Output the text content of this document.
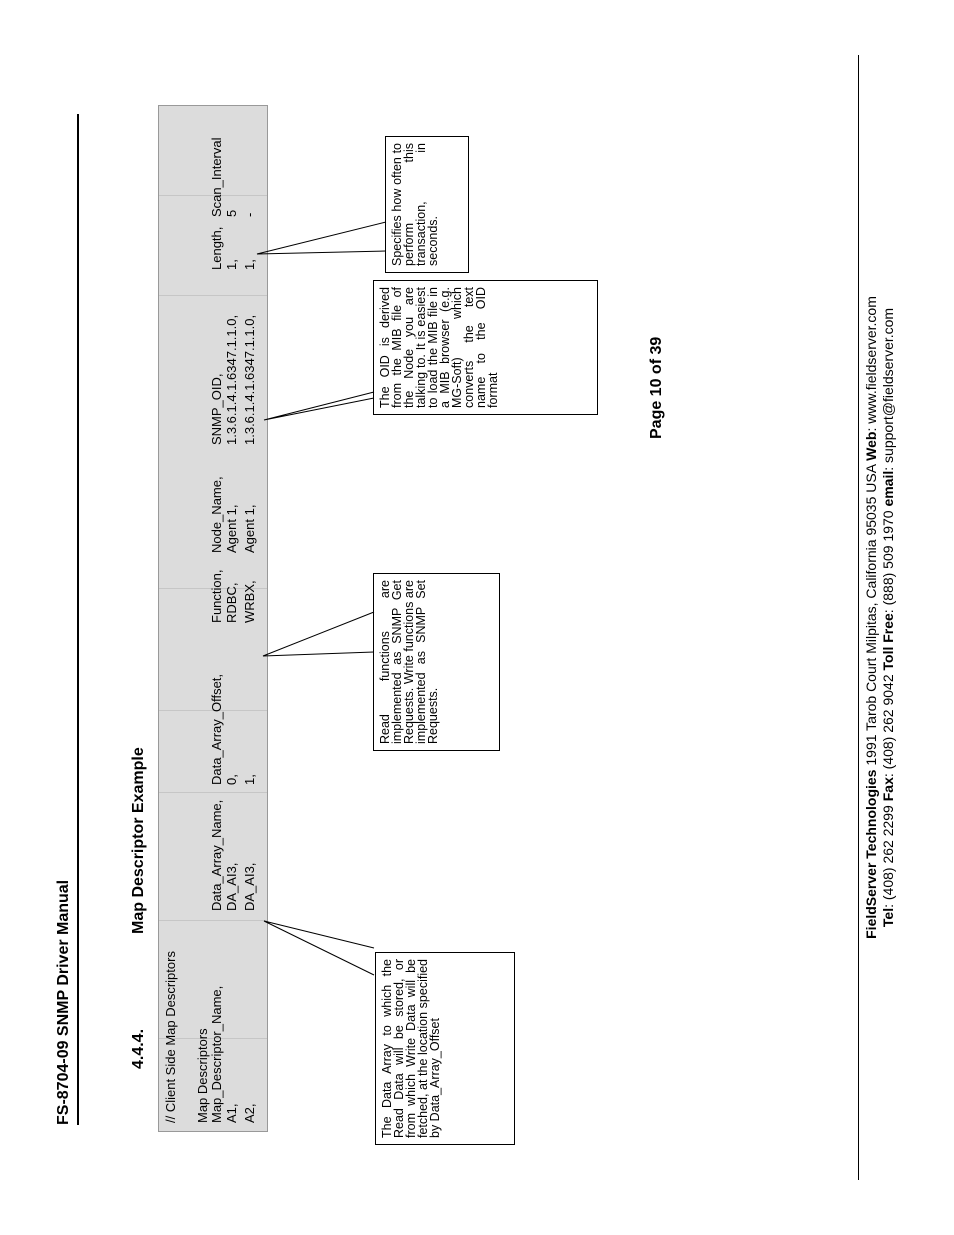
FS-8704-09 SNMP Driver Manual
Page 10 of 39
4.4.4.
Map Descriptor Example
// Client Side Map Descriptors Map Descriptors Map_Descriptor_Name,
Data_Array_Name,
Data_Array_Offset,
Function,
Node_Name,
SNMP_OID,
Length,
Scan_Interval
A1,
DA_AI3,
0,
RDBC,
Agent 1,
1.3.6.1.4.1.6347.1.1.0,
1,
5
A2,
DA_AI3,
1,
WRBX,
Agent 1,
1.3.6.1.4.1.6347.1.1.0,
1,
-
The Data Array to which the Read Data will be stored, or from which Write Data will be fetched, at the location specified by Data_Array_Offset
Read functions are implemented as SNMP Get Requests. Write functions are implemented as SNMP Set Requests.
The OID is derived from the MIB file of the Node you are talking to. It is easiest to load the MIB file in a MIB browser (e.g. MG-Soft) which converts the text name to the OID format
Specifies how often to perform this transaction, in seconds.
FieldServer Technologies 1991 Tarob Court Milpitas, California 95035 USA Web: www.fieldserver.com
Tel: (408) 262 2299 Fax: (408) 262 9042 Toll Free: (888) 509 1970 email: support@fieldserver.com
